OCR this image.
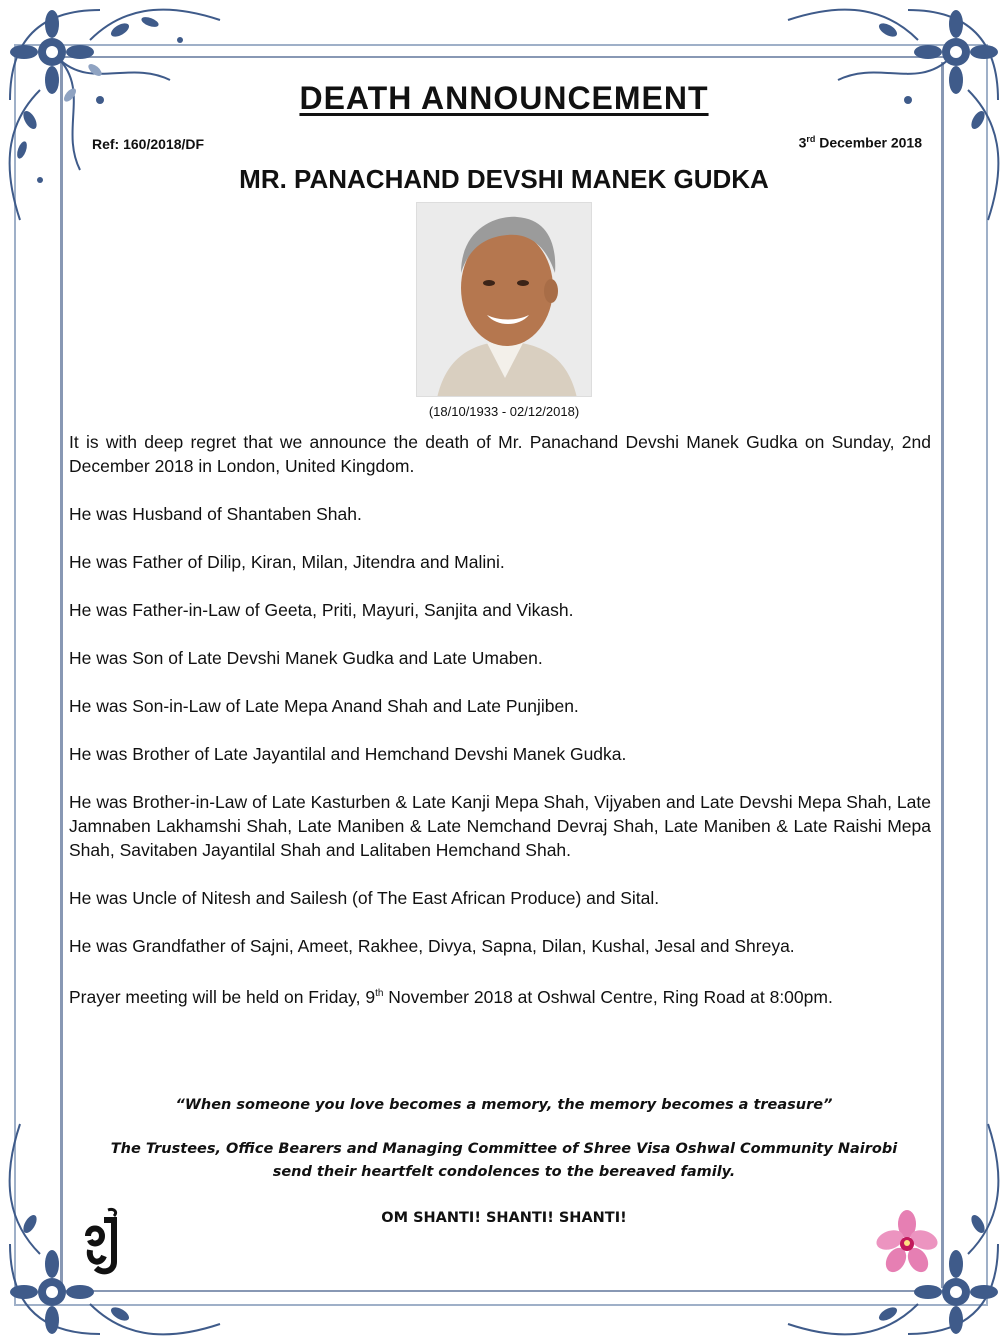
DEATH ANNOUNCEMENT
Ref: 160/2018/DF	3rd December 2018
MR. PANACHAND DEVSHI MANEK GUDKA
(18/10/1933 - 02/12/2018)

It is with deep regret that we announce the death of Mr. Panachand Devshi Manek Gudka on Sunday, 2nd December 2018 in London, United Kingdom.

He was Husband of Shantaben Shah.

He was Father of Dilip, Kiran, Milan, Jitendra and Malini.

He was Father-in-Law of Geeta, Priti, Mayuri, Sanjita and Vikash.

He was Son of Late Devshi Manek Gudka and Late Umaben.

He was Son-in-Law of Late Mepa Anand Shah and Late Punjiben.

He was Brother of Late Jayantilal and Hemchand Devshi Manek Gudka.

He was Brother-in-Law of Late Kasturben & Late Kanji Mepa Shah, Vijyaben and Late Devshi Mepa Shah, Late Jamnaben Lakhamshi Shah, Late Maniben & Late Nemchand Devraj Shah, Late Maniben & Late Raishi Mepa Shah, Savitaben Jayantilal Shah and Lalitaben Hemchand Shah.

He was Uncle of Nitesh and Sailesh (of The East African Produce) and Sital.

He was Grandfather of Sajni, Ameet, Rakhee, Divya, Sapna, Dilan, Kushal, Jesal and Shreya.

Prayer meeting will be held on Friday, 9th November 2018 at Oshwal Centre, Ring Road at 8:00pm.

“When someone you love becomes a memory, the memory becomes a treasure”
The Trustees, Office Bearers and Managing Committee of Shree Visa Oshwal Community Nairobi
send their heartfelt condolences to the bereaved family.
OM SHANTI! SHANTI! SHANTI!
